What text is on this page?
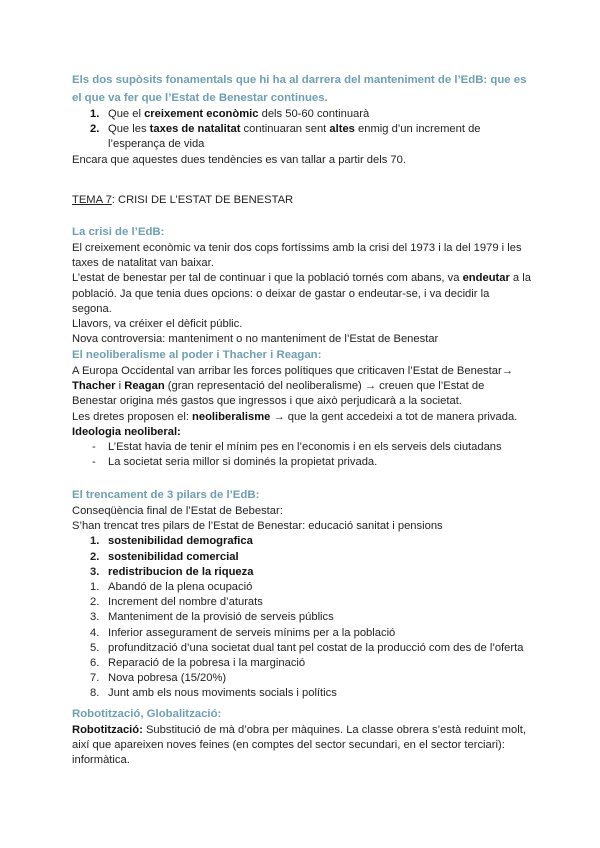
Els dos supòsits fonamentals que hi ha al darrera del manteniment de l’EdB: que es el que va fer que l’Estat de Benestar continues.

1. Que el creixement econòmic dels 50-60 continuarà
2. Que les taxes de natalitat continuaran sent altes enmig d’un increment de l’esperança de vida

Encara que aquestes dues tendències es van tallar a partir dels 70.

TEMA 7: CRISI DE L’ESTAT DE BENESTAR

La crisi de l’EdB:

El creixement econòmic va tenir dos cops fortíssims amb la crisi del 1973 i la del 1979 i les taxes de natalitat van baixar.

L’estat de benestar per tal de continuar i que la població tornés com abans, va endeutar a la població. Ja que tenia dues opcions: o deixar de gastar o endeutar-se, i va decidir la segona.

Llavors, va créixer el dèficit públic.

Nova controversia: manteniment o no manteniment de l’Estat de Benestar

El neoliberalisme al poder i Thacher i Reagan:

A Europa Occidental van arribar les forces polítiques que criticaven l’Estat de Benestar→ Thacher i Reagan (gran representació del neoliberalisme) → creuen que l’Estat de Benestar origina més gastos que ingressos i que això perjudicarà a la societat.

Les dretes proposen el: neoliberalisme → que la gent accedeixi a tot de manera privada.

Ideologia neoliberal:

- L’Estat havia de tenir el mínim pes en l’economis i en els serveis dels ciutadans
- La societat seria millor si dominés la propietat privada.

El trencament de 3 pilars de l’EdB:

Conseqüència final de l’Estat de Bebestar:

S’han trencat tres pilars de l’Estat de Benestar: educació sanitat i pensions

1. sostenibilidad demografica
2. sostenibilidad comercial
3. redistribucion de la riqueza
1. Abandó de la plena ocupació
2. Increment del nombre d’aturats
3. Manteniment de la provisió de serveis públics
4. Inferior assegurament de serveis mínims per a la població
5. profundització d’una societat dual tant pel costat de la producció com des de l’oferta
6. Reparació de la pobresa i la marginació
7. Nova pobresa (15/20%)
8. Junt amb els nous moviments socials i polítics

Robotització, Globalització:

Robotització: Substitució de mà d’obra per màquines. La classe obrera s’està reduint molt, així que apareixen noves feines (en comptes del sector secundari, en el sector terciari): informàtica.
